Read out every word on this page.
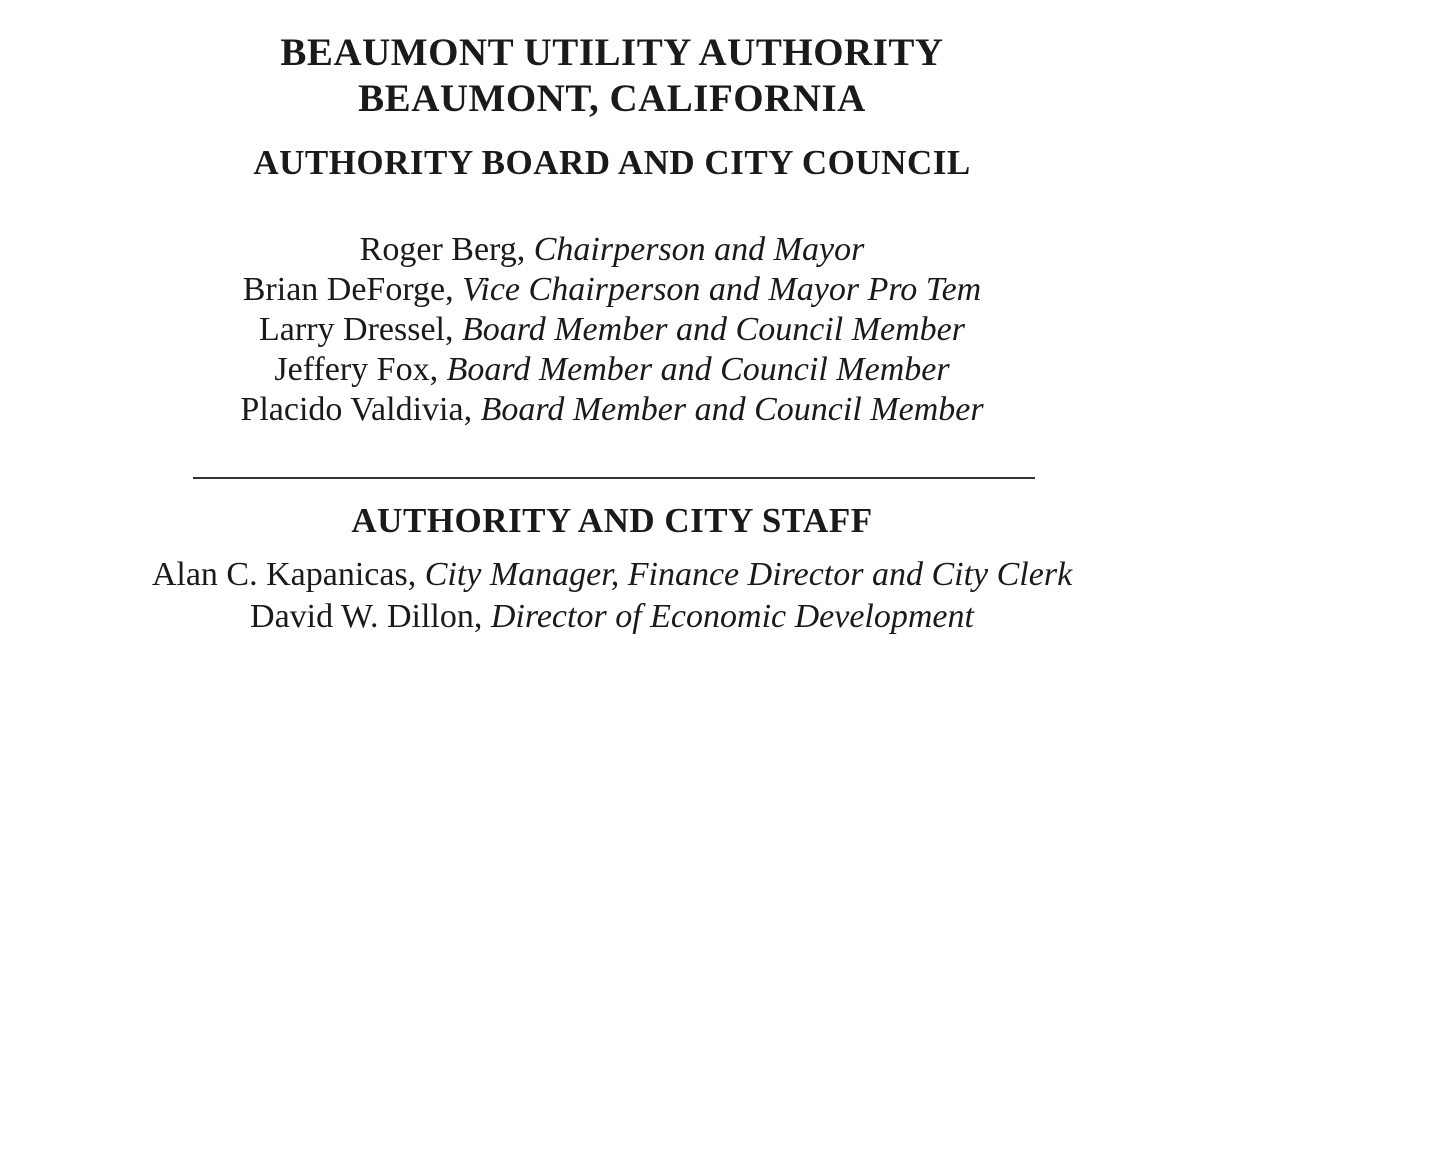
BEAUMONT UTILITY AUTHORITY
BEAUMONT, CALIFORNIA
AUTHORITY BOARD AND CITY COUNCIL
Roger Berg, Chairperson and Mayor
Brian DeForge, Vice Chairperson and Mayor Pro Tem
Larry Dressel, Board Member and Council Member
Jeffery Fox, Board Member and Council Member
Placido Valdivia, Board Member and Council Member
AUTHORITY AND CITY STAFF
Alan C. Kapanicas, City Manager, Finance Director and City Clerk
David W. Dillon, Director of Economic Development
